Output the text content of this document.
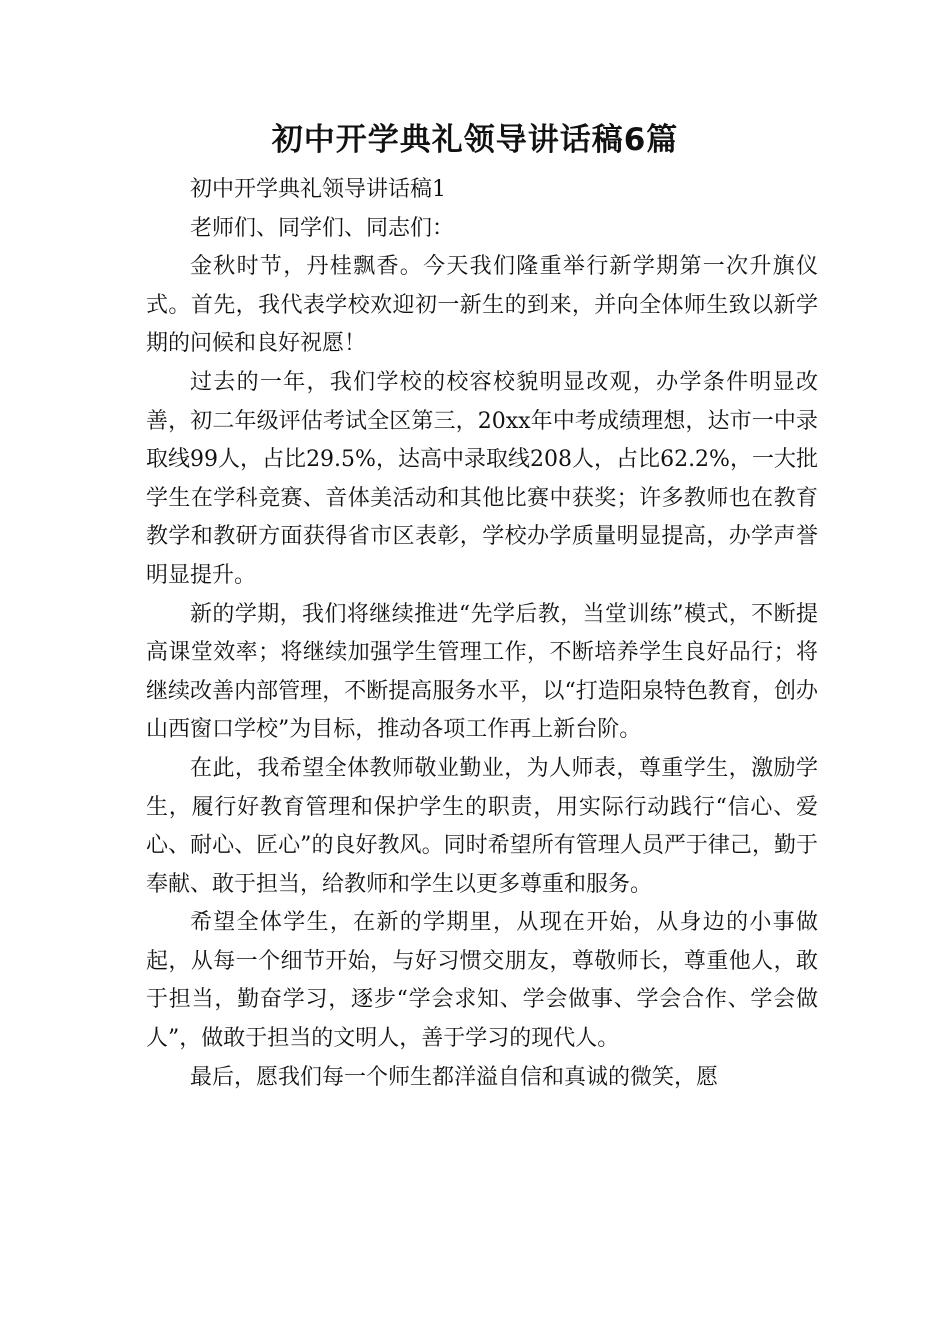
初中开学典礼领导讲话稿6篇

初中开学典礼领导讲话稿1

老师们、同学们、同志们：

金秋时节，丹桂飘香。今天我们隆重举行新学期第一次升旗仪式。首先，我代表学校欢迎初一新生的到来，并向全体师生致以新学期的问候和良好祝愿！

过去的一年，我们学校的校容校貌明显改观，办学条件明显改善，初二年级评估考试全区第三，20xx年中考成绩理想，达市一中录取线99人，占比29.5%，达高中录取线208人，占比62.2%，一大批学生在学科竞赛、音体美活动和其他比赛中获奖；许多教师也在教育教学和教研方面获得省市区表彰，学校办学质量明显提高，办学声誉明显提升。

新的学期，我们将继续推进“先学后教，当堂训练”模式，不断提高课堂效率；将继续加强学生管理工作，不断培养学生良好品行；将继续改善内部管理，不断提高服务水平，以“打造阳泉特色教育，创办山西窗口学校”为目标，推动各项工作再上新台阶。

在此，我希望全体教师敬业勤业，为人师表，尊重学生，激励学生，履行好教育管理和保护学生的职责，用实际行动践行“信心、爱心、耐心、匠心”的良好教风。同时希望所有管理人员严于律己，勤于奉献、敢于担当，给教师和学生以更多尊重和服务。

希望全体学生，在新的学期里，从现在开始，从身边的小事做起，从每一个细节开始，与好习惯交朋友，尊敬师长，尊重他人，敢于担当，勤奋学习，逐步“学会求知、学会做事、学会合作、学会做人”，做敢于担当的文明人，善于学习的现代人。

最后，愿我们每一个师生都洋溢自信和真诚的微笑，愿
